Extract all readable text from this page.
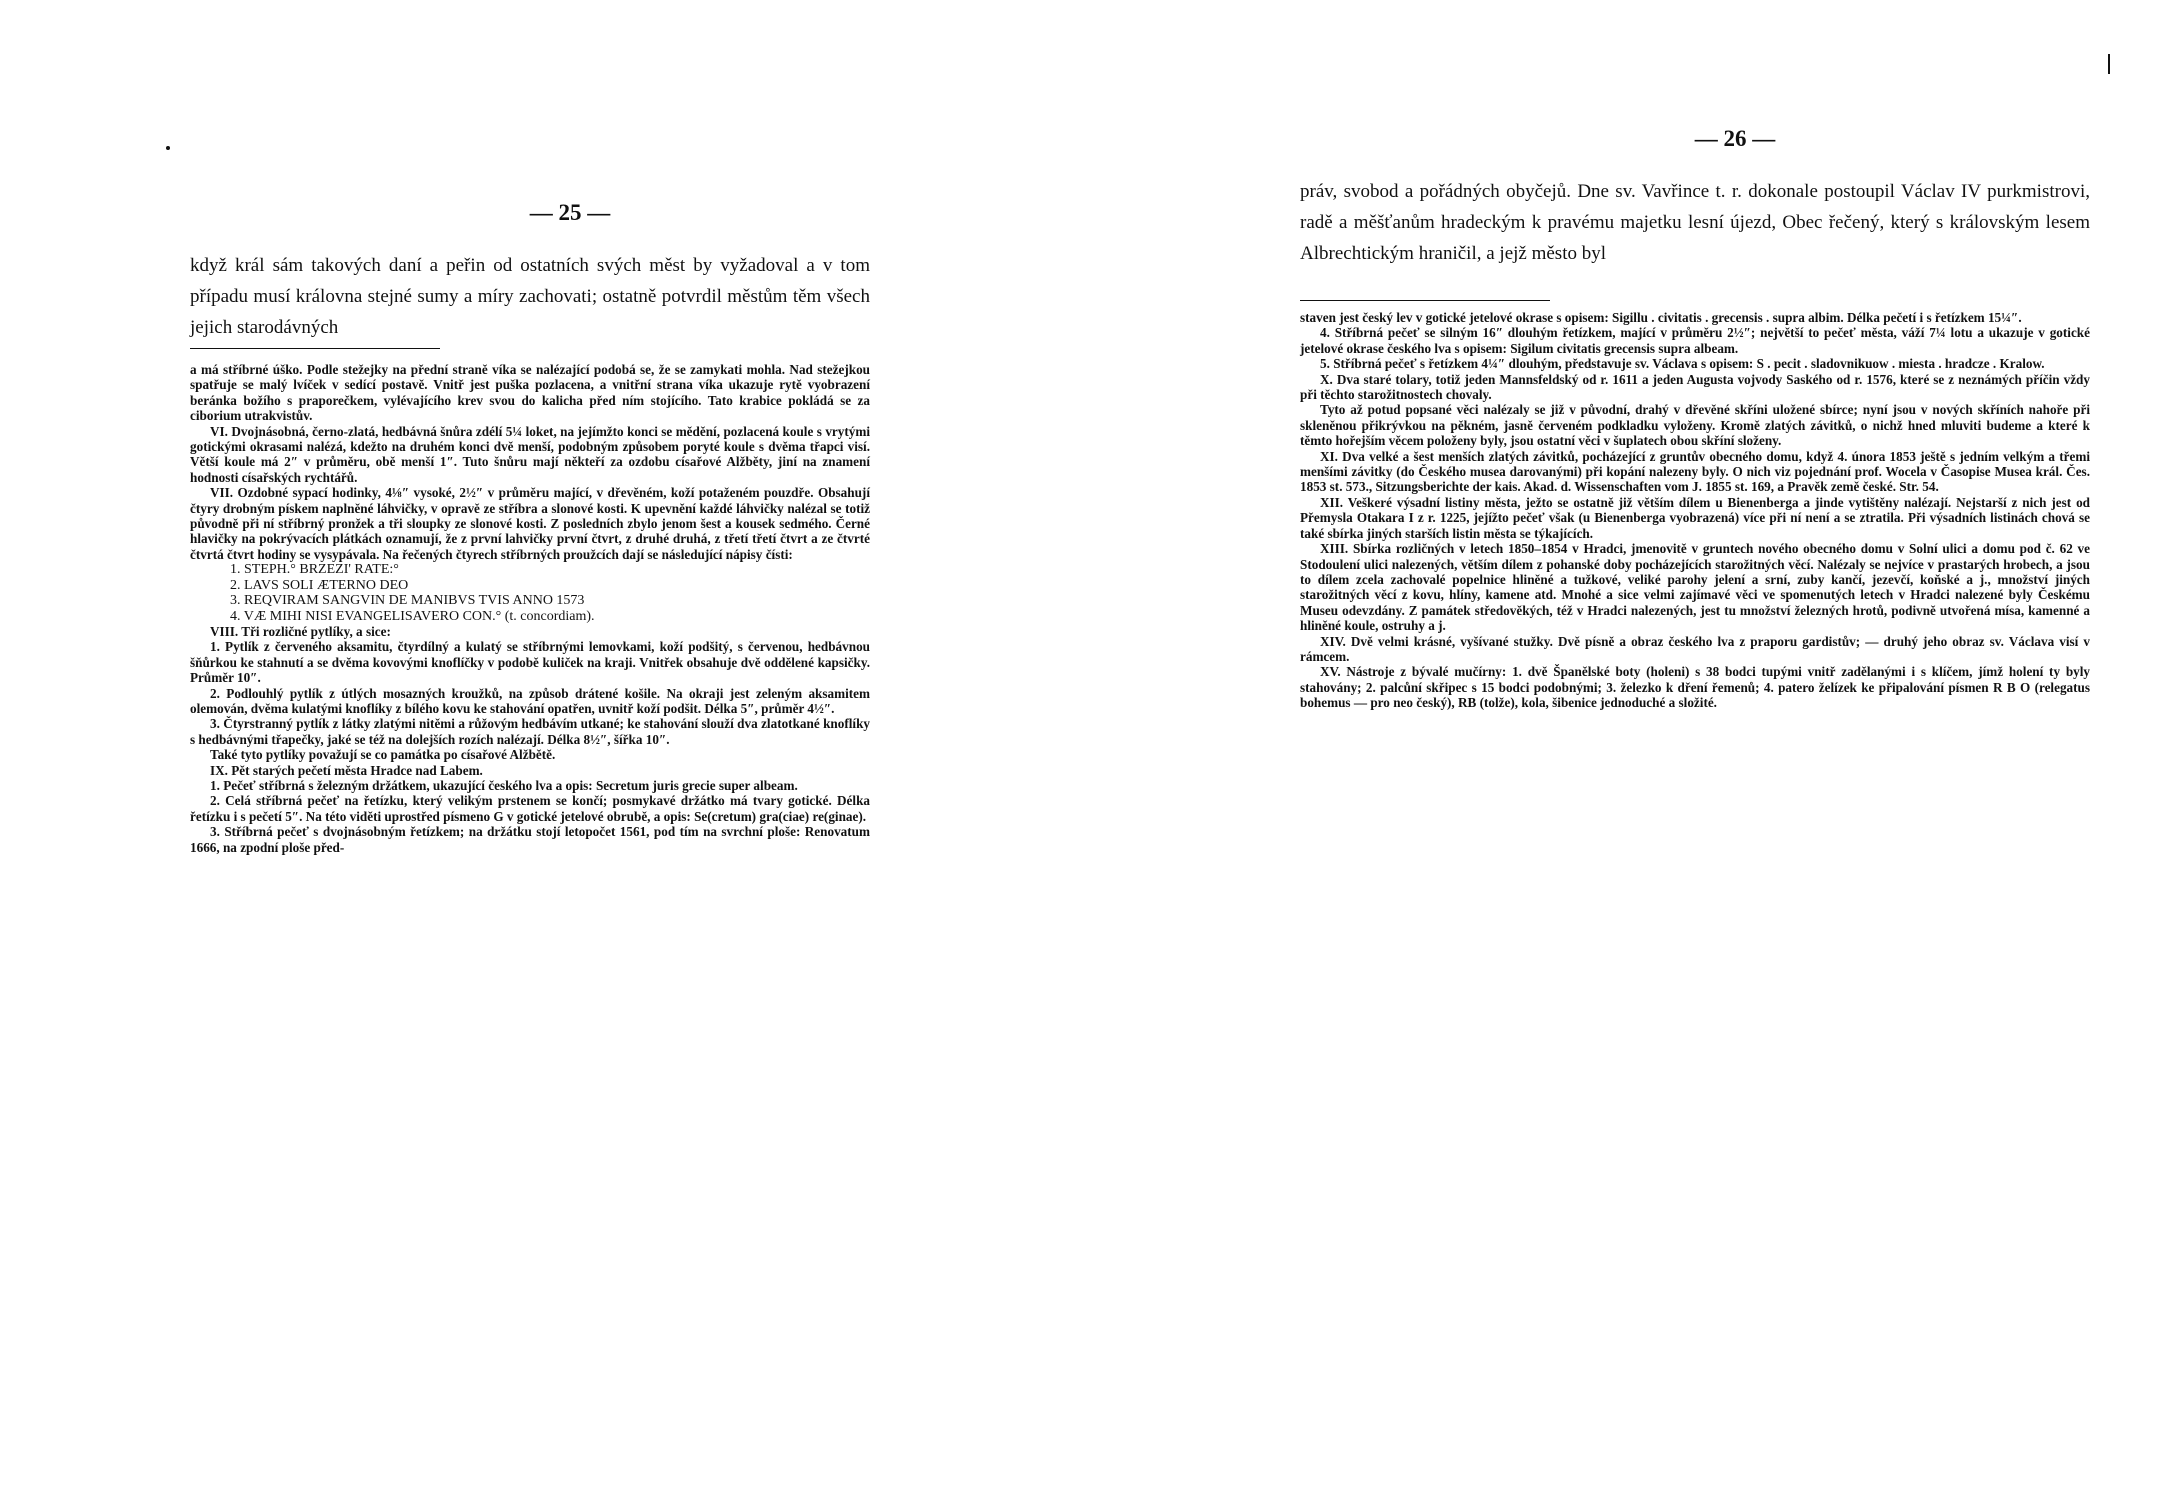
— 25 —
když král sám takových daní a peřin od ostatních svých měst by vyžadoval a v tom případu musí královna stejné sumy a míry zachovati; ostatně potvrdil městům těm všech jejich starodávných

a má stříbrné úško. Podle stežejky na přední straně víka se nalézající podobá se, že se zamykati mohla. Nad stežejkou spatřuje se malý lvíček v sedící postavě. Vnitř jest puška pozlacena, a vnitřní strana víka ukazuje rytě vyobrazení beránka božího s praporečkem, vylévajícího krev svou do kalicha před ním stojícího. Tato krabice pokládá se za ciborium utrakvistův.

VI. Dvojnásobná, černo-zlatá, hedbávná šnůra zdélí 5¼ loket, na jejímžto konci se mědění, pozlacená koule s vrytými gotickými okrasami nalézá, kdežto na druhém konci dvě menší, podobným způsobem poryté koule s dvěma třapci visí. Větší koule má 2″ v průměru, obě menší 1″. Tuto šnůru mají někteří za ozdobu císařové Alžběty, jiní na znamení hodnosti císařských rychtářů.

VII. Ozdobné sypací hodinky, 4⅛″ vysoké, 2½″ v průměru mající, v dřevěném, koží potaženém pouzdře. Obsahují čtyry drobným pískem naplněné láhvičky, v opravě ze stříbra a slonové kosti. K upevnění každé láhvičky nalézal se totiž původně při ní stříbrný pronžek a tři sloupky ze slonové kosti. Z posledních zbylo jenom šest a kousek sedmého. Černé hlavičky na pokrývacích plátkách oznamují, že z první lahvičky první čtvrt, z druhé druhá, z třetí třetí čtvrt a ze čtvrté čtvrtá čtvrt hodiny se vysypávala. Na řečených čtyrech stříbrných proužcích dají se následující nápisy čísti:

1. STEPH.° BRZEZI' RATE:°

2. LAVS SOLI ÆTERNO DEO

3. REQVIRAM SANGVIN DE MANIBVS TVIS ANNO 1573

4. VÆ MIHI NISI EVANGELISAVERO CON.° (t. concordiam).

VIII. Tři rozličné pytlíky, a sice:

1. Pytlík z červeného aksamitu, čtyrdílný a kulatý se stříbrnými lemovkami, koží podšitý, s červenou, hedbávnou šňůrkou ke stahnutí a se dvěma kovovými knoflíčky v podobě kuliček na kraji. Vnitřek obsahuje dvě oddělené kapsičky. Průměr 10″.

2. Podlouhlý pytlík z útlých mosazných kroužků, na způsob drátené košile. Na okraji jest zeleným aksamitem olemován, dvěma kulatými knoflíky z bílého kovu ke stahování opatřen, uvnitř koží podšit. Délka 5″, průměr 4½″.

3. Čtyrstranný pytlík z látky zlatými nitěmi a růžovým hedbávím utkané; ke stahování slouží dva zlatotkané knoflíky s hedbávnými třapečky, jaké se též na dolejších rozích nalézají. Délka 8½″, šířka 10″.

Také tyto pytlíky považují se co památka po císařové Alžbětě.

IX. Pět starých pečetí města Hradce nad Labem.

1. Pečeť stříbrná s železným držátkem, ukazující českého lva a opis: Secretum juris grecie super albeam.

2. Celá stříbrná pečeť na řetízku, který velikým prstenem se končí; posmykavé držátko má tvary gotické. Délka řetízku i s pečetí 5″. Na této viděti uprostřed písmeno G v gotické jetelové obrubě, a opis: Se(cretum) gra(ciae) re(ginae).

3. Stříbrná pečeť s dvojnásobným řetízkem; na držátku stojí letopočet 1561, pod tím na svrchní ploše: Renovatum 1666, na zpodní ploše před-

— 26 —
práv, svobod a pořádných obyčejů. Dne sv. Vavřince t. r. dokonale postoupil Václav IV purkmistrovi, radě a měšťanům hradeckým k pravému majetku lesní újezd, Obec řečený, který s královským lesem Albrechtickým hraničil, a jejž město byl

staven jest český lev v gotické jetelové okrase s opisem: Sigillu . civitatis . grecensis . supra albim. Délka pečetí i s řetízkem 15¼″.

4. Stříbrná pečeť se silným 16″ dlouhým řetízkem, mající v průměru 2½″; největší to pečeť města, váží 7¼ lotu a ukazuje v gotické jetelové okrase českého lva s opisem: Sigilum civitatis grecensis supra albeam.

5. Stříbrná pečeť s řetízkem 4¼″ dlouhým, představuje sv. Václava s opisem: S . pecit . sladovnikuow . miesta . hradcze . Kralow.

X. Dva staré tolary, totiž jeden Mannsfeldský od r. 1611 a jeden Augusta vojvody Saského od r. 1576, které se z neznámých příčin vždy při těchto starožitnostech chovaly.

Tyto až potud popsané věci nalézaly se již v původní, drahý v dřevěné skříni uložené sbírce; nyní jsou v nových skříních nahoře při skleněnou přikrývkou na pěkném, jasně červeném podkladku vyloženy. Kromě zlatých závitků, o nichž hned mluviti budeme a které k těmto hořejším věcem položeny byly, jsou ostatní věci v šuplatech obou skříní složeny.

XI. Dva velké a šest menších zlatých závitků, pocházející z gruntův obecného domu, když 4. února 1853 ještě s jedním velkým a třemi menšími závitky (do Českého musea darovanými) při kopání nalezeny byly. O nich viz pojednání prof. Wocela v Časopise Musea král. Čes. 1853 st. 573., Sitzungsberichte der kais. Akad. d. Wissenschaften vom J. 1855 st. 169, a Pravěk země české. Str. 54.

XII. Veškeré výsadní listiny města, ježto se ostatně již větším dílem u Bienenberga a jinde vytištěny nalézají. Nejstarší z nich jest od Přemysla Otakara I z r. 1225, jejížto pečeť však (u Bienenberga vyobrazená) více při ní není a se ztratila. Při výsadních listinách chová se také sbírka jiných starších listin města se týkajících.

XIII. Sbírka rozličných v letech 1850–1854 v Hradci, jmenovitě v gruntech nového obecného domu v Solní ulici a domu pod č. 62 ve Stodoulení ulici nalezených, větším dílem z pohanské doby pocházejících starožitných věcí. Nalézaly se nejvíce v prastarých hrobech, a jsou to dílem zcela zachovalé popelnice hliněné a tužkové, veliké parohy jelení a srní, zuby kančí, jezevčí, koňské a j., množství jiných starožitných věcí z kovu, hlíny, kamene atd. Mnohé a sice velmi zajímavé věci ve spomenutých letech v Hradci nalezené byly Českému Museu odevzdány. Z památek středověkých, též v Hradci nalezených, jest tu množství železných hrotů, podivně utvořená mísa, kamenné a hliněné koule, ostruhy a j.

XIV. Dvě velmi krásné, vyšívané stužky. Dvě písně a obraz českého lva z praporu gardistův; — druhý jeho obraz sv. Václava visí v rámcem.

XV. Nástroje z bývalé mučírny: 1. dvě Španělské boty (holeni) s 38 bodci tupými vnitř zadělanými i s klíčem, jímž holení ty byly stahovány; 2. palcůní skřipec s 15 bodci podobnými; 3. železko k dření řemenů; 4. patero želízek ke připalování písmen R B O (relegatus bohemus — pro neo český), RB (tolže), kola, šibenice jednoduché a složité.
